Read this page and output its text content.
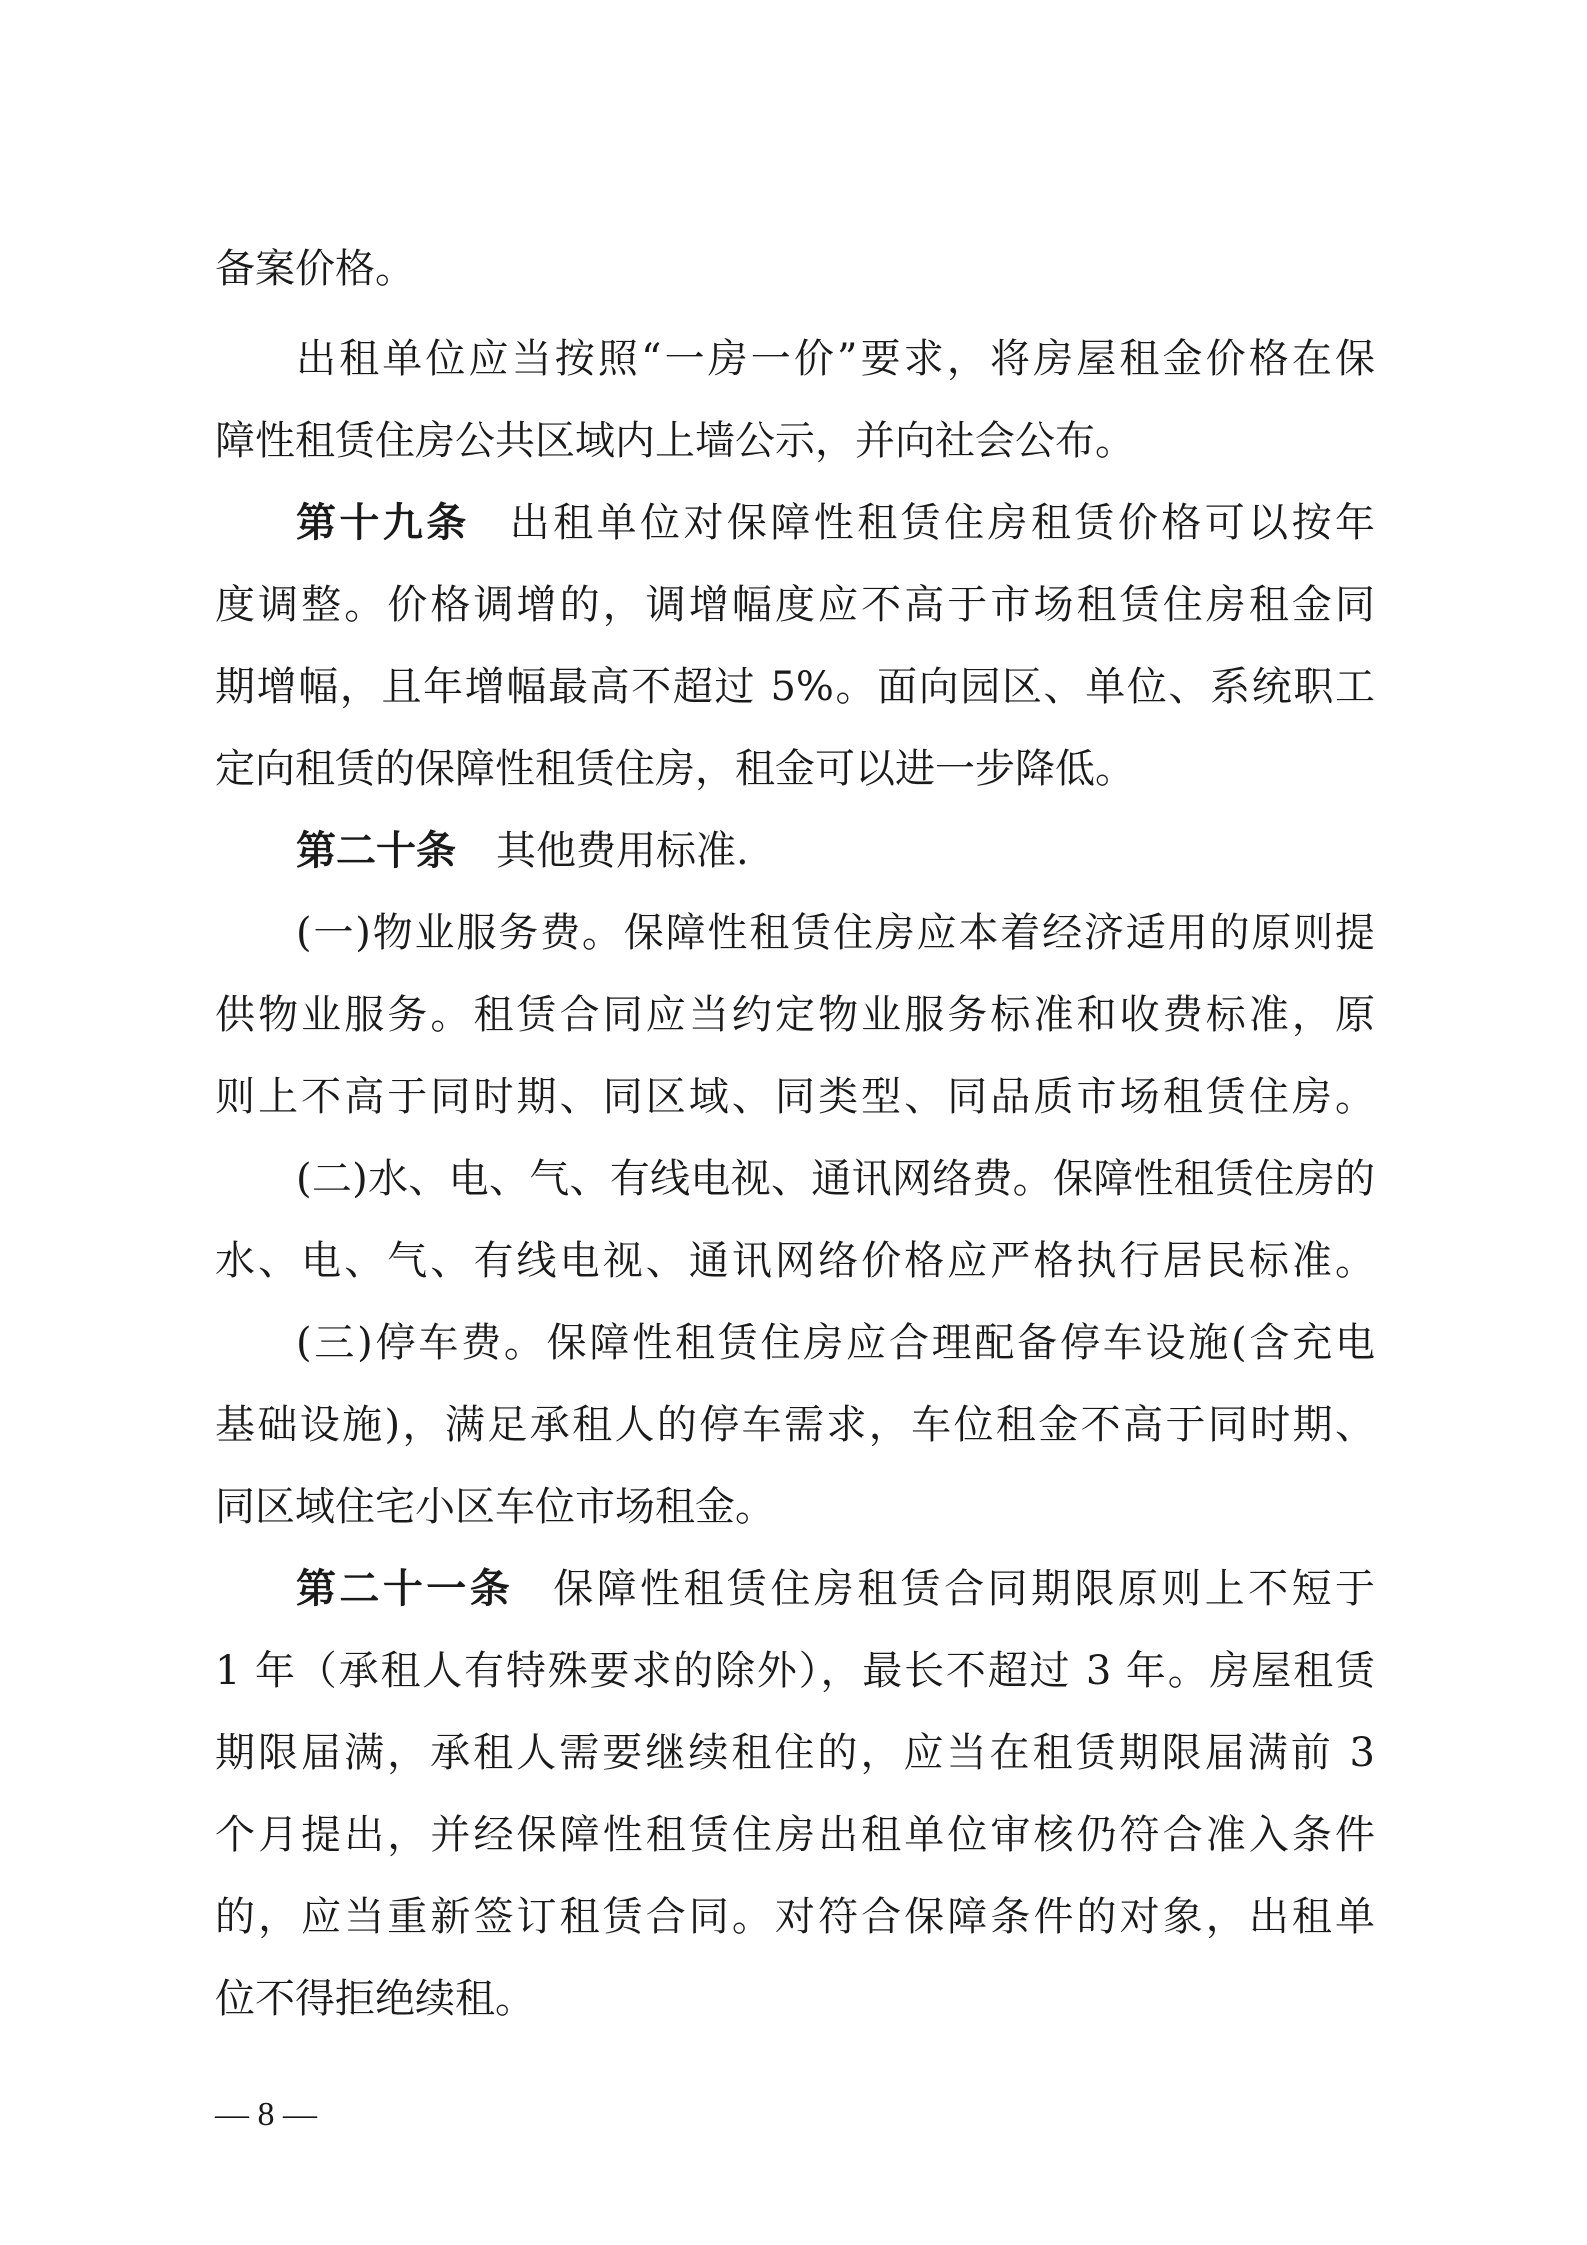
备案价格。
出租单位应当按照“一房一价”要求，将房屋租金价格在保
障性租赁住房公共区域内上墙公示，并向社会公布。
第十九条 出租单位对保障性租赁住房租赁价格可以按年
度调整。价格调增的，调增幅度应不高于市场租赁住房租金同
期增幅，且年增幅最高不超过 5%。面向园区、单位、系统职工
定向租赁的保障性租赁住房，租金可以进一步降低。
第二十条 其他费用标准.
(一)物业服务费。保障性租赁住房应本着经济适用的原则提
供物业服务。租赁合同应当约定物业服务标准和收费标准，原
则上不高于同时期、同区域、同类型、同品质市场租赁住房。
(二)水、电、气、有线电视、通讯网络费。保障性租赁住房的
水、电、气、有线电视、通讯网络价格应严格执行居民标准。
(三)停车费。保障性租赁住房应合理配备停车设施(含充电
基础设施)，满足承租人的停车需求，车位租金不高于同时期、
同区域住宅小区车位市场租金。
第二十一条 保障性租赁住房租赁合同期限原则上不短于
1 年（承租人有特殊要求的除外），最长不超过 3 年。房屋租赁
期限届满，承租人需要继续租住的，应当在租赁期限届满前 3
个月提出，并经保障性租赁住房出租单位审核仍符合准入条件
的，应当重新签订租赁合同。对符合保障条件的对象，出租单
位不得拒绝续租。
— 8 —
